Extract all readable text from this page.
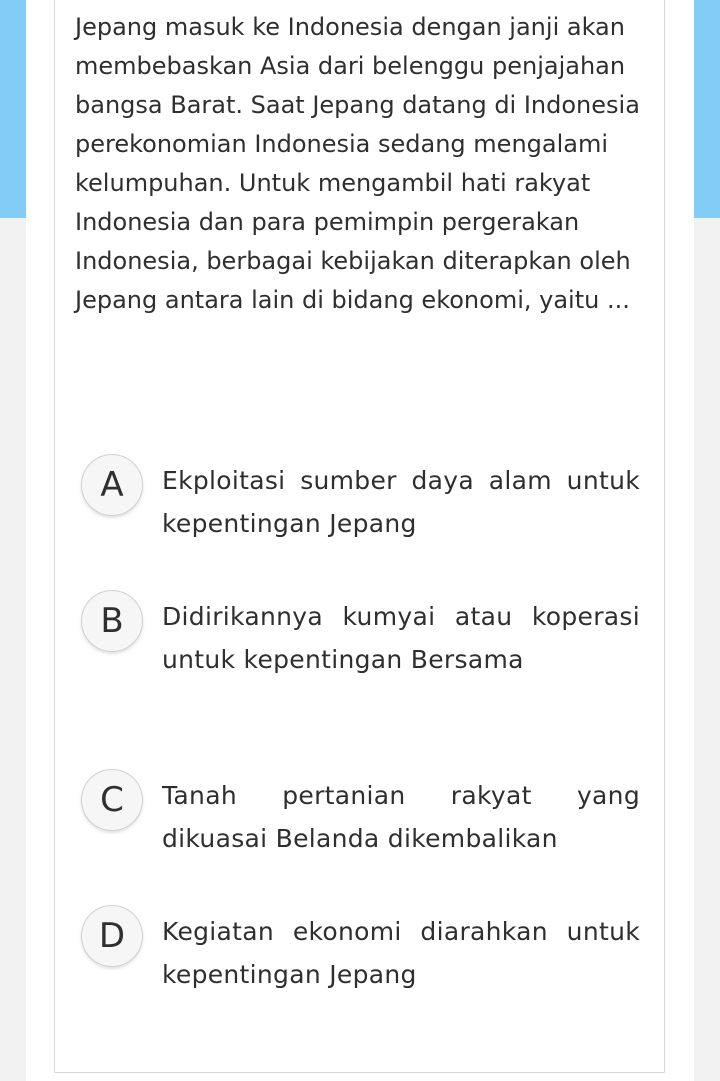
Jepang masuk ke Indonesia dengan janji akan membebaskan Asia dari belenggu penjajahan bangsa Barat. Saat Jepang datang di Indonesia perekonomian Indonesia sedang mengalami kelumpuhan. Untuk mengambil hati rakyat Indonesia dan para pemimpin pergerakan Indonesia, berbagai kebijakan diterapkan oleh Jepang antara lain di bidang ekonomi, yaitu ...

A	Ekploitasi sumber daya alam untuk kepentingan Jepang
B	Didirikannya kumyai atau koperasi untuk kepentingan Bersama
C	Tanah pertanian rakyat yang dikuasai Belanda dikembalikan
D	Kegiatan ekonomi diarahkan untuk kepentingan Jepang
